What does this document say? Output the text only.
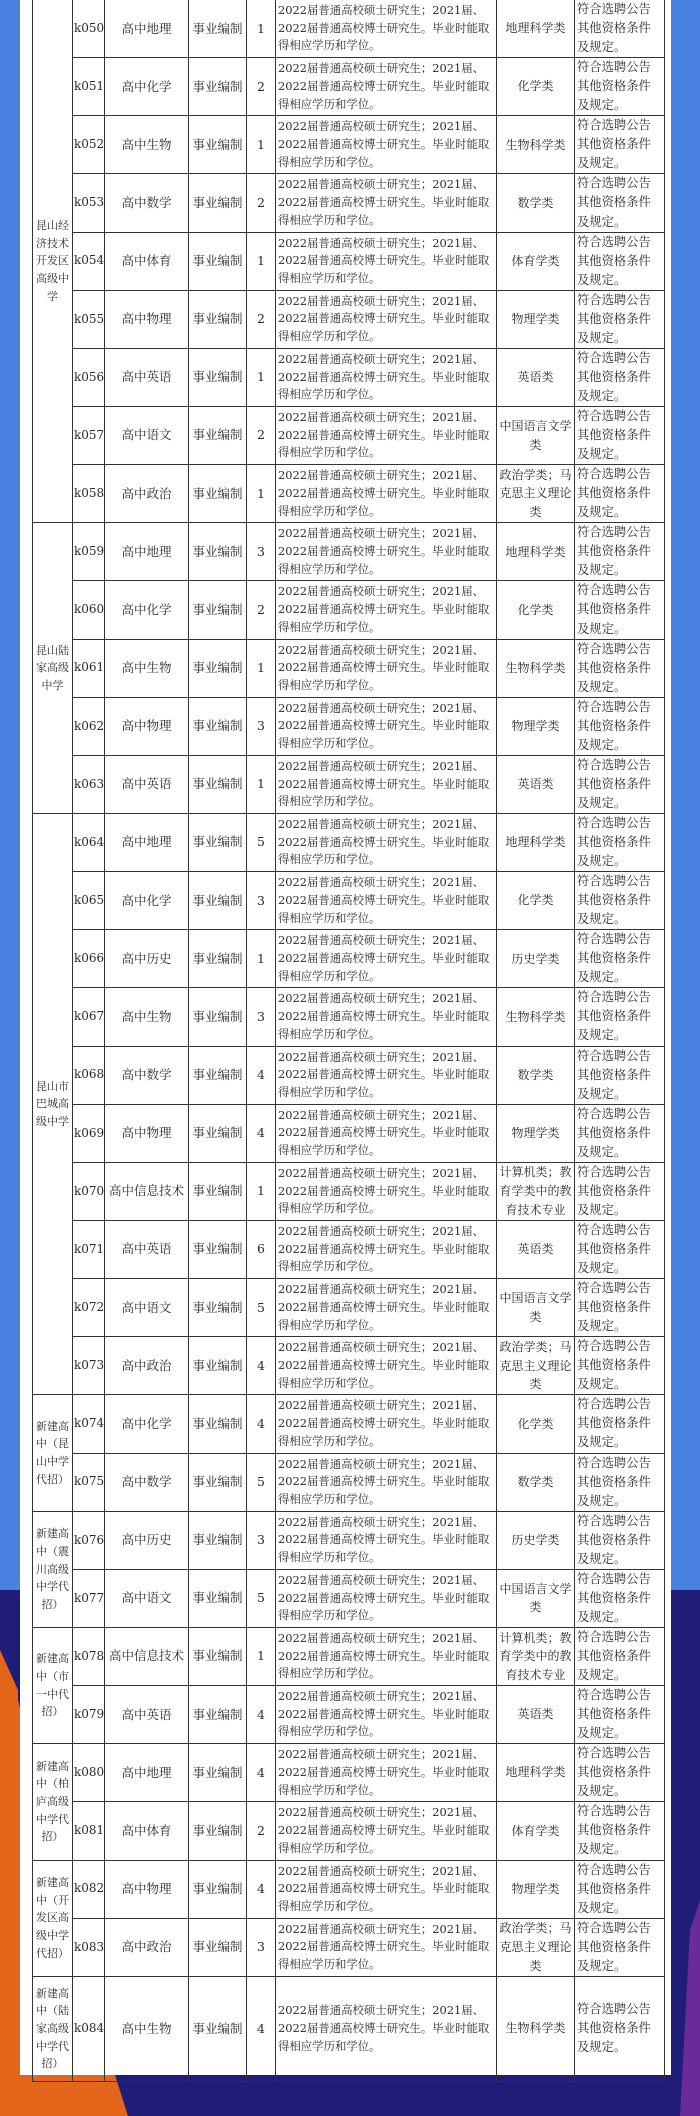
昆山经济技术开发区高级中学	k050	高中地理	事业编制	1	2022届普通高校硕士研究生；2021届、2022届普通高校博士研究生。毕业时能取得相应学历和学位。	地理科学类	符合选聘公告其他资格条件及规定。
	k051	高中化学	事业编制	2	2022届普通高校硕士研究生；2021届、2022届普通高校博士研究生。毕业时能取得相应学历和学位。	化学类	符合选聘公告其他资格条件及规定。
	k052	高中生物	事业编制	1	2022届普通高校硕士研究生；2021届、2022届普通高校博士研究生。毕业时能取得相应学历和学位。	生物科学类	符合选聘公告其他资格条件及规定。
	k053	高中数学	事业编制	2	2022届普通高校硕士研究生；2021届、2022届普通高校博士研究生。毕业时能取得相应学历和学位。	数学类	符合选聘公告其他资格条件及规定。
	k054	高中体育	事业编制	1	2022届普通高校硕士研究生；2021届、2022届普通高校博士研究生。毕业时能取得相应学历和学位。	体育学类	符合选聘公告其他资格条件及规定。
	k055	高中物理	事业编制	2	2022届普通高校硕士研究生；2021届、2022届普通高校博士研究生。毕业时能取得相应学历和学位。	物理学类	符合选聘公告其他资格条件及规定。
	k056	高中英语	事业编制	1	2022届普通高校硕士研究生；2021届、2022届普通高校博士研究生。毕业时能取得相应学历和学位。	英语类	符合选聘公告其他资格条件及规定。
	k057	高中语文	事业编制	2	2022届普通高校硕士研究生；2021届、2022届普通高校博士研究生。毕业时能取得相应学历和学位。	中国语言文学类	符合选聘公告其他资格条件及规定。
	k058	高中政治	事业编制	1	2022届普通高校硕士研究生；2021届、2022届普通高校博士研究生。毕业时能取得相应学历和学位。	政治学类；马克思主义理论类	符合选聘公告其他资格条件及规定。
昆山陆家高级中学	k059	高中地理	事业编制	3	2022届普通高校硕士研究生；2021届、2022届普通高校博士研究生。毕业时能取得相应学历和学位。	地理科学类	符合选聘公告其他资格条件及规定。
	k060	高中化学	事业编制	2	2022届普通高校硕士研究生；2021届、2022届普通高校博士研究生。毕业时能取得相应学历和学位。	化学类	符合选聘公告其他资格条件及规定。
	k061	高中生物	事业编制	1	2022届普通高校硕士研究生；2021届、2022届普通高校博士研究生。毕业时能取得相应学历和学位。	生物科学类	符合选聘公告其他资格条件及规定。
	k062	高中物理	事业编制	3	2022届普通高校硕士研究生；2021届、2022届普通高校博士研究生。毕业时能取得相应学历和学位。	物理学类	符合选聘公告其他资格条件及规定。
	k063	高中英语	事业编制	1	2022届普通高校硕士研究生；2021届、2022届普通高校博士研究生。毕业时能取得相应学历和学位。	英语类	符合选聘公告其他资格条件及规定。
昆山市巴城高级中学	k064	高中地理	事业编制	5	2022届普通高校硕士研究生；2021届、2022届普通高校博士研究生。毕业时能取得相应学历和学位。	地理科学类	符合选聘公告其他资格条件及规定。
	k065	高中化学	事业编制	3	2022届普通高校硕士研究生；2021届、2022届普通高校博士研究生。毕业时能取得相应学历和学位。	化学类	符合选聘公告其他资格条件及规定。
	k066	高中历史	事业编制	1	2022届普通高校硕士研究生；2021届、2022届普通高校博士研究生。毕业时能取得相应学历和学位。	历史学类	符合选聘公告其他资格条件及规定。
	k067	高中生物	事业编制	3	2022届普通高校硕士研究生；2021届、2022届普通高校博士研究生。毕业时能取得相应学历和学位。	生物科学类	符合选聘公告其他资格条件及规定。
	k068	高中数学	事业编制	4	2022届普通高校硕士研究生；2021届、2022届普通高校博士研究生。毕业时能取得相应学历和学位。	数学类	符合选聘公告其他资格条件及规定。
	k069	高中物理	事业编制	4	2022届普通高校硕士研究生；2021届、2022届普通高校博士研究生。毕业时能取得相应学历和学位。	物理学类	符合选聘公告其他资格条件及规定。
	k070	高中信息技术	事业编制	1	2022届普通高校硕士研究生；2021届、2022届普通高校博士研究生。毕业时能取得相应学历和学位。	计算机类；教育学类中的教育技术专业	符合选聘公告其他资格条件及规定。
	k071	高中英语	事业编制	6	2022届普通高校硕士研究生；2021届、2022届普通高校博士研究生。毕业时能取得相应学历和学位。	英语类	符合选聘公告其他资格条件及规定。
	k072	高中语文	事业编制	5	2022届普通高校硕士研究生；2021届、2022届普通高校博士研究生。毕业时能取得相应学历和学位。	中国语言文学类	符合选聘公告其他资格条件及规定。
	k073	高中政治	事业编制	4	2022届普通高校硕士研究生；2021届、2022届普通高校博士研究生。毕业时能取得相应学历和学位。	政治学类；马克思主义理论类	符合选聘公告其他资格条件及规定。
新建高中（昆山中学代招）	k074	高中化学	事业编制	4	2022届普通高校硕士研究生；2021届、2022届普通高校博士研究生。毕业时能取得相应学历和学位。	化学类	符合选聘公告其他资格条件及规定。
	k075	高中数学	事业编制	5	2022届普通高校硕士研究生；2021届、2022届普通高校博士研究生。毕业时能取得相应学历和学位。	数学类	符合选聘公告其他资格条件及规定。
新建高中（震川高级中学代招）	k076	高中历史	事业编制	3	2022届普通高校硕士研究生；2021届、2022届普通高校博士研究生。毕业时能取得相应学历和学位。	历史学类	符合选聘公告其他资格条件及规定。
	k077	高中语文	事业编制	5	2022届普通高校硕士研究生；2021届、2022届普通高校博士研究生。毕业时能取得相应学历和学位。	中国语言文学类	符合选聘公告其他资格条件及规定。
新建高中（市一中代招）	k078	高中信息技术	事业编制	1	2022届普通高校硕士研究生；2021届、2022届普通高校博士研究生。毕业时能取得相应学历和学位。	计算机类；教育学类中的教育技术专业	符合选聘公告其他资格条件及规定。
	k079	高中英语	事业编制	4	2022届普通高校硕士研究生；2021届、2022届普通高校博士研究生。毕业时能取得相应学历和学位。	英语类	符合选聘公告其他资格条件及规定。
新建高中（柏庐高级中学代招）	k080	高中地理	事业编制	4	2022届普通高校硕士研究生；2021届、2022届普通高校博士研究生。毕业时能取得相应学历和学位。	地理科学类	符合选聘公告其他资格条件及规定。
	k081	高中体育	事业编制	2	2022届普通高校硕士研究生；2021届、2022届普通高校博士研究生。毕业时能取得相应学历和学位。	体育学类	符合选聘公告其他资格条件及规定。
新建高中（开发区高级中学代招）	k082	高中物理	事业编制	4	2022届普通高校硕士研究生；2021届、2022届普通高校博士研究生。毕业时能取得相应学历和学位。	物理学类	符合选聘公告其他资格条件及规定。
	k083	高中政治	事业编制	3	2022届普通高校硕士研究生；2021届、2022届普通高校博士研究生。毕业时能取得相应学历和学位。	政治学类；马克思主义理论类	符合选聘公告其他资格条件及规定。
新建高中（陆家高级中学代招）	k084	高中生物	事业编制	4	2022届普通高校硕士研究生；2021届、2022届普通高校博士研究生。毕业时能取得相应学历和学位。	生物科学类	符合选聘公告其他资格条件及规定。
